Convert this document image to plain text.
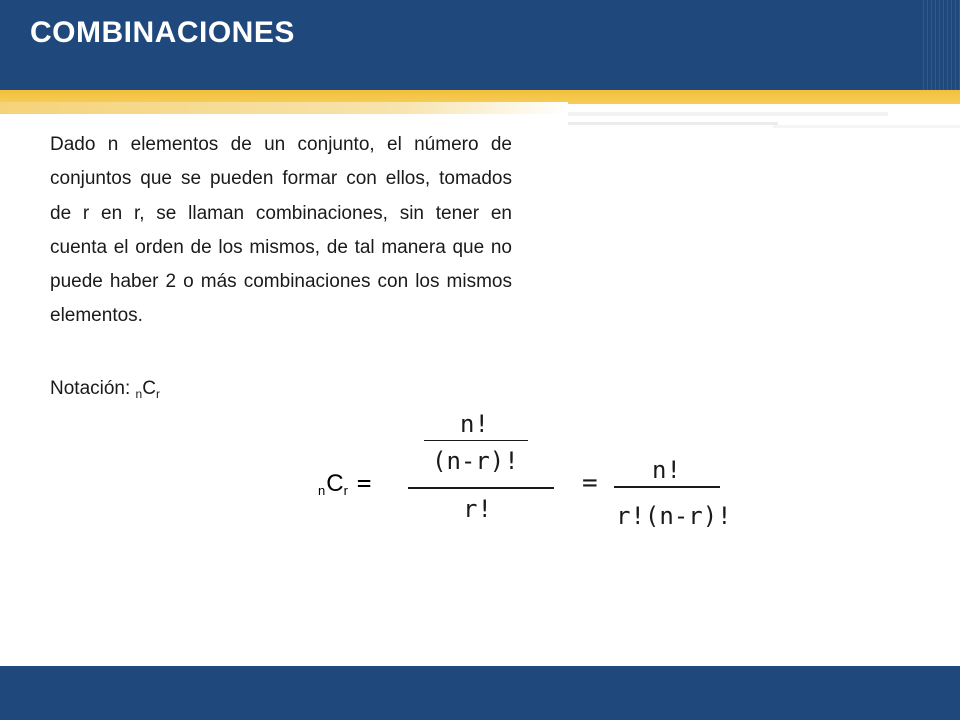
COMBINACIONES

Dado n elementos de un conjunto, el número de conjuntos que se pueden formar con ellos, tomados de r en r, se llaman combinaciones, sin tener en cuenta el orden de los mismos, de tal manera que no puede haber 2 o más combinaciones con los mismos elementos.

Notación: $_nC_r$
nCr =
n!
(n-r)!
r!
= n!
r!(n-r)!
